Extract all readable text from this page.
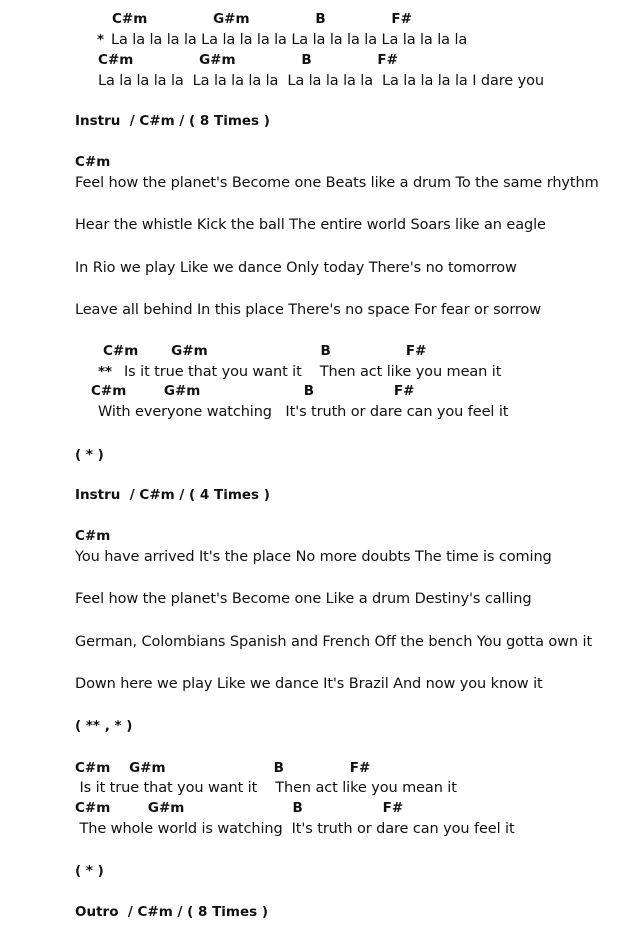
C#m              G#m              B              F#
* La la la la la La la la la la La la la la la La la la la la
C#m              G#m              B              F#
La la la la la  La la la la la  La la la la la  La la la la la I dare you
Instru  / C#m / ( 8 Times )
C#m
Feel how the planet's Become one Beats like a drum To the same rhythm
Hear the whistle Kick the ball The entire world Soars like an eagle
In Rio we play Like we dance Only today There's no tomorrow
Leave all behind In this place There's no space For fear or sorrow
C#m       G#m                        B                F#
** Is it true that you want it    Then act like you mean it
C#m        G#m                      B                 F#
With everyone watching   It's truth or dare can you feel it
( * )
Instru  / C#m / ( 4 Times )
C#m
You have arrived It's the place No more doubts The time is coming
Feel how the planet's Become one Like a drum Destiny's calling
German, Colombians Spanish and French Off the bench You gotta own it
Down here we play Like we dance It's Brazil And now you know it
( ** , * )
C#m    G#m                       B              F#
Is it true that you want it    Then act like you mean it
C#m        G#m                       B                 F#
The whole world is watching  It's truth or dare can you feel it
( * )
Outro  / C#m / ( 8 Times )
